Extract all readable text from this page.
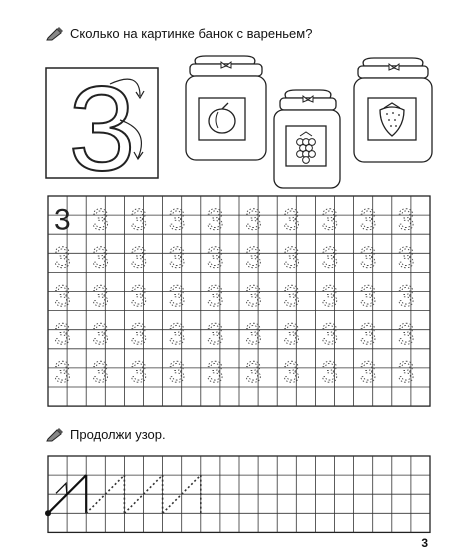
Сколько на картинке банок с вареньем?
3
3 3 3 3 3 3 3 3 3 3
3 3 3 3 3 3 3 3 3 3
3 3 3 3 3 3 3 3 3 3
3 3 3 3 3 3 3 3 3 3
3 3 3 3 3 3 3 3 3 3
Продолжи узор.
3
